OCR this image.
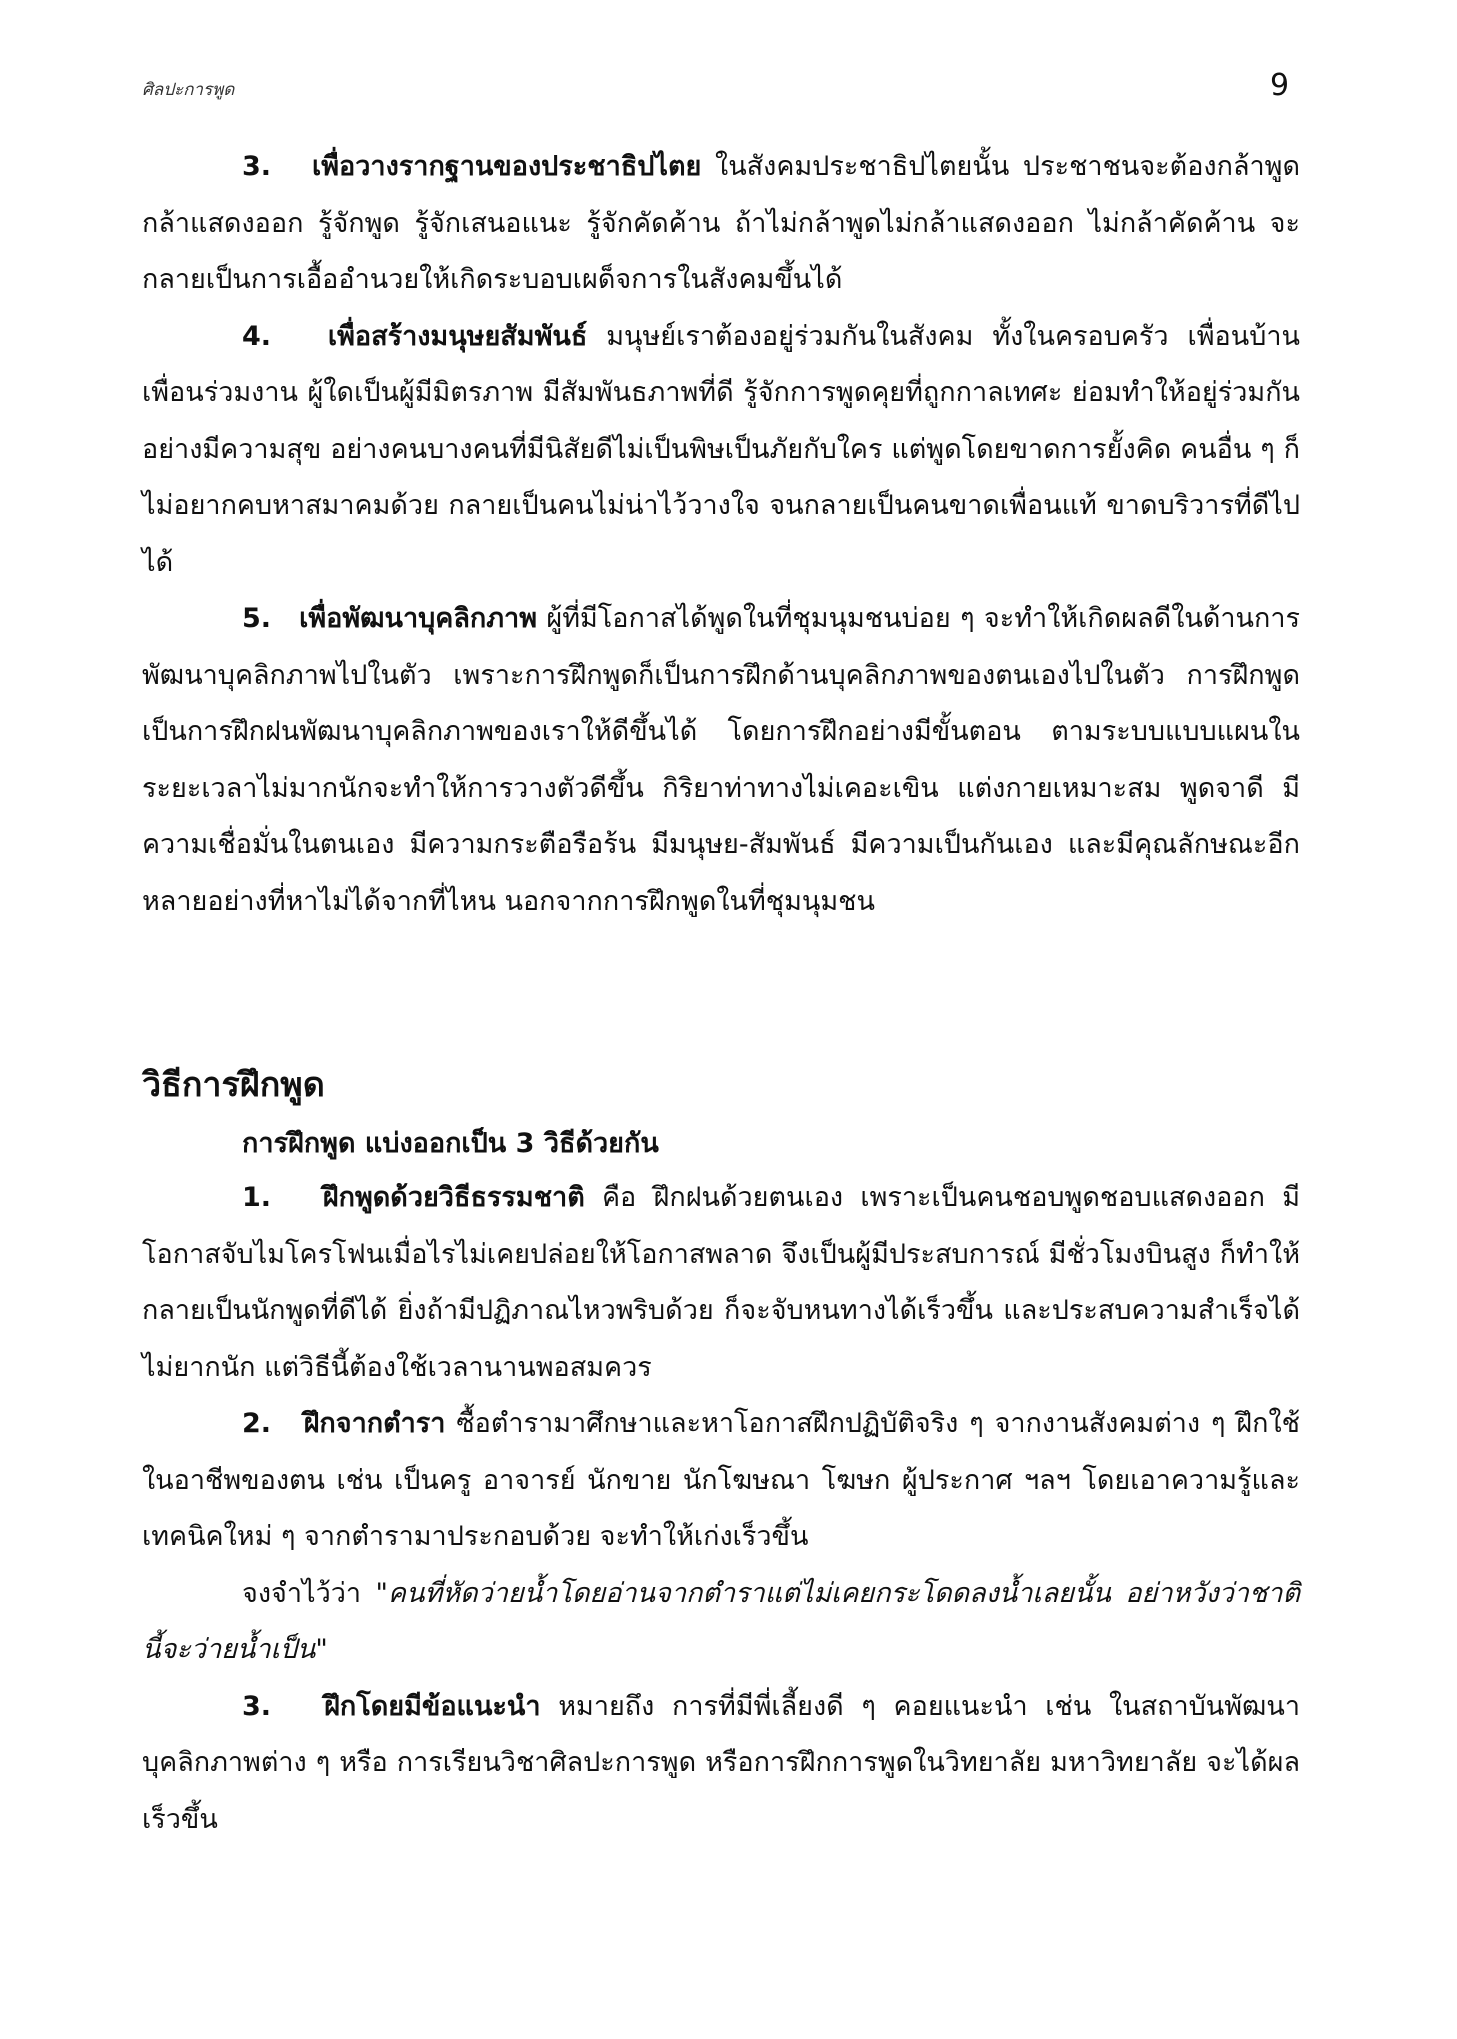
ศิลปะการพูด	9

3. เพื่อวางรากฐานของประชาธิปไตย ในสังคมประชาธิปไตยนั้น ประชาชนจะต้องกล้าพูด กล้าแสดงออก รู้จักพูด รู้จักเสนอแนะ รู้จักคัดค้าน ถ้าไม่กล้าพูดไม่กล้าแสดงออก ไม่กล้าคัดค้าน จะกลายเป็นการเอื้ออำนวยให้เกิดระบอบเผด็จการในสังคมขึ้นได้

4. เพื่อสร้างมนุษยสัมพันธ์ มนุษย์เราต้องอยู่ร่วมกันในสังคม ทั้งในครอบครัว เพื่อนบ้าน เพื่อนร่วมงาน ผู้ใดเป็นผู้มีมิตรภาพ มีสัมพันธภาพที่ดี รู้จักการพูดคุยที่ถูกกาลเทศะ ย่อมทำให้อยู่ร่วมกันอย่างมีความสุข อย่างคนบางคนที่มีนิสัยดีไม่เป็นพิษเป็นภัยกับใคร แต่พูดโดยขาดการยั้งคิด คนอื่น ๆ ก็ไม่อยากคบหาสมาคมด้วย กลายเป็นคนไม่น่าไว้วางใจ จนกลายเป็นคนขาดเพื่อนแท้ ขาดบริวารที่ดีไปได้

5. เพื่อพัฒนาบุคลิกภาพ ผู้ที่มีโอกาสได้พูดในที่ชุมนุมชนบ่อย ๆ จะทำให้เกิดผลดีในด้านการพัฒนาบุคลิกภาพไปในตัว เพราะการฝึกพูดก็เป็นการฝึกด้านบุคลิกภาพของตนเองไปในตัว การฝึกพูดเป็นการฝึกฝนพัฒนาบุคลิกภาพของเราให้ดีขึ้นได้ โดยการฝึกอย่างมีขั้นตอน ตามระบบแบบแผนในระยะเวลาไม่มากนักจะทำให้การวางตัวดีขึ้น กิริยาท่าทางไม่เคอะเขิน แต่งกายเหมาะสม พูดจาดี มีความเชื่อมั่นในตนเอง มีความกระตือรือร้น มีมนุษย-สัมพันธ์ มีความเป็นกันเอง และมีคุณลักษณะอีกหลายอย่างที่หาไม่ได้จากที่ไหน นอกจากการฝึกพูดในที่ชุมนุมชน

วิธีการฝึกพูด
การฝึกพูด แบ่งออกเป็น 3 วิธีด้วยกัน

1. ฝึกพูดด้วยวิธีธรรมชาติ คือ ฝึกฝนด้วยตนเอง เพราะเป็นคนชอบพูดชอบแสดงออก มีโอกาสจับไมโครโฟนเมื่อไรไม่เคยปล่อยให้โอกาสพลาด จึงเป็นผู้มีประสบการณ์ มีชั่วโมงบินสูง ก็ทำให้กลายเป็นนักพูดที่ดีได้ ยิ่งถ้ามีปฏิภาณไหวพริบด้วย ก็จะจับหนทางได้เร็วขึ้น และประสบความสำเร็จได้ไม่ยากนัก แต่วิธีนี้ต้องใช้เวลานานพอสมควร

2. ฝึกจากตำรา ซื้อตำรามาศึกษาและหาโอกาสฝึกปฏิบัติจริง ๆ จากงานสังคมต่าง ๆ ฝึกใช้ในอาชีพของตน เช่น เป็นครู อาจารย์ นักขาย นักโฆษณา โฆษก ผู้ประกาศ ฯลฯ โดยเอาความรู้และเทคนิคใหม่ ๆ จากตำรามาประกอบด้วย จะทำให้เก่งเร็วขึ้น

จงจำไว้ว่า "คนที่หัดว่ายน้ำโดยอ่านจากตำราแต่ไม่เคยกระโดดลงน้ำเลยนั้น อย่าหวังว่าชาตินี้จะว่ายน้ำเป็น"

3. ฝึกโดยมีข้อแนะนำ หมายถึง การที่มีพี่เลี้ยงดี ๆ คอยแนะนำ เช่น ในสถาบันพัฒนาบุคลิกภาพต่าง ๆ หรือ การเรียนวิชาศิลปะการพูด หรือการฝึกการพูดในวิทยาลัย มหาวิทยาลัย จะได้ผลเร็วขึ้น
